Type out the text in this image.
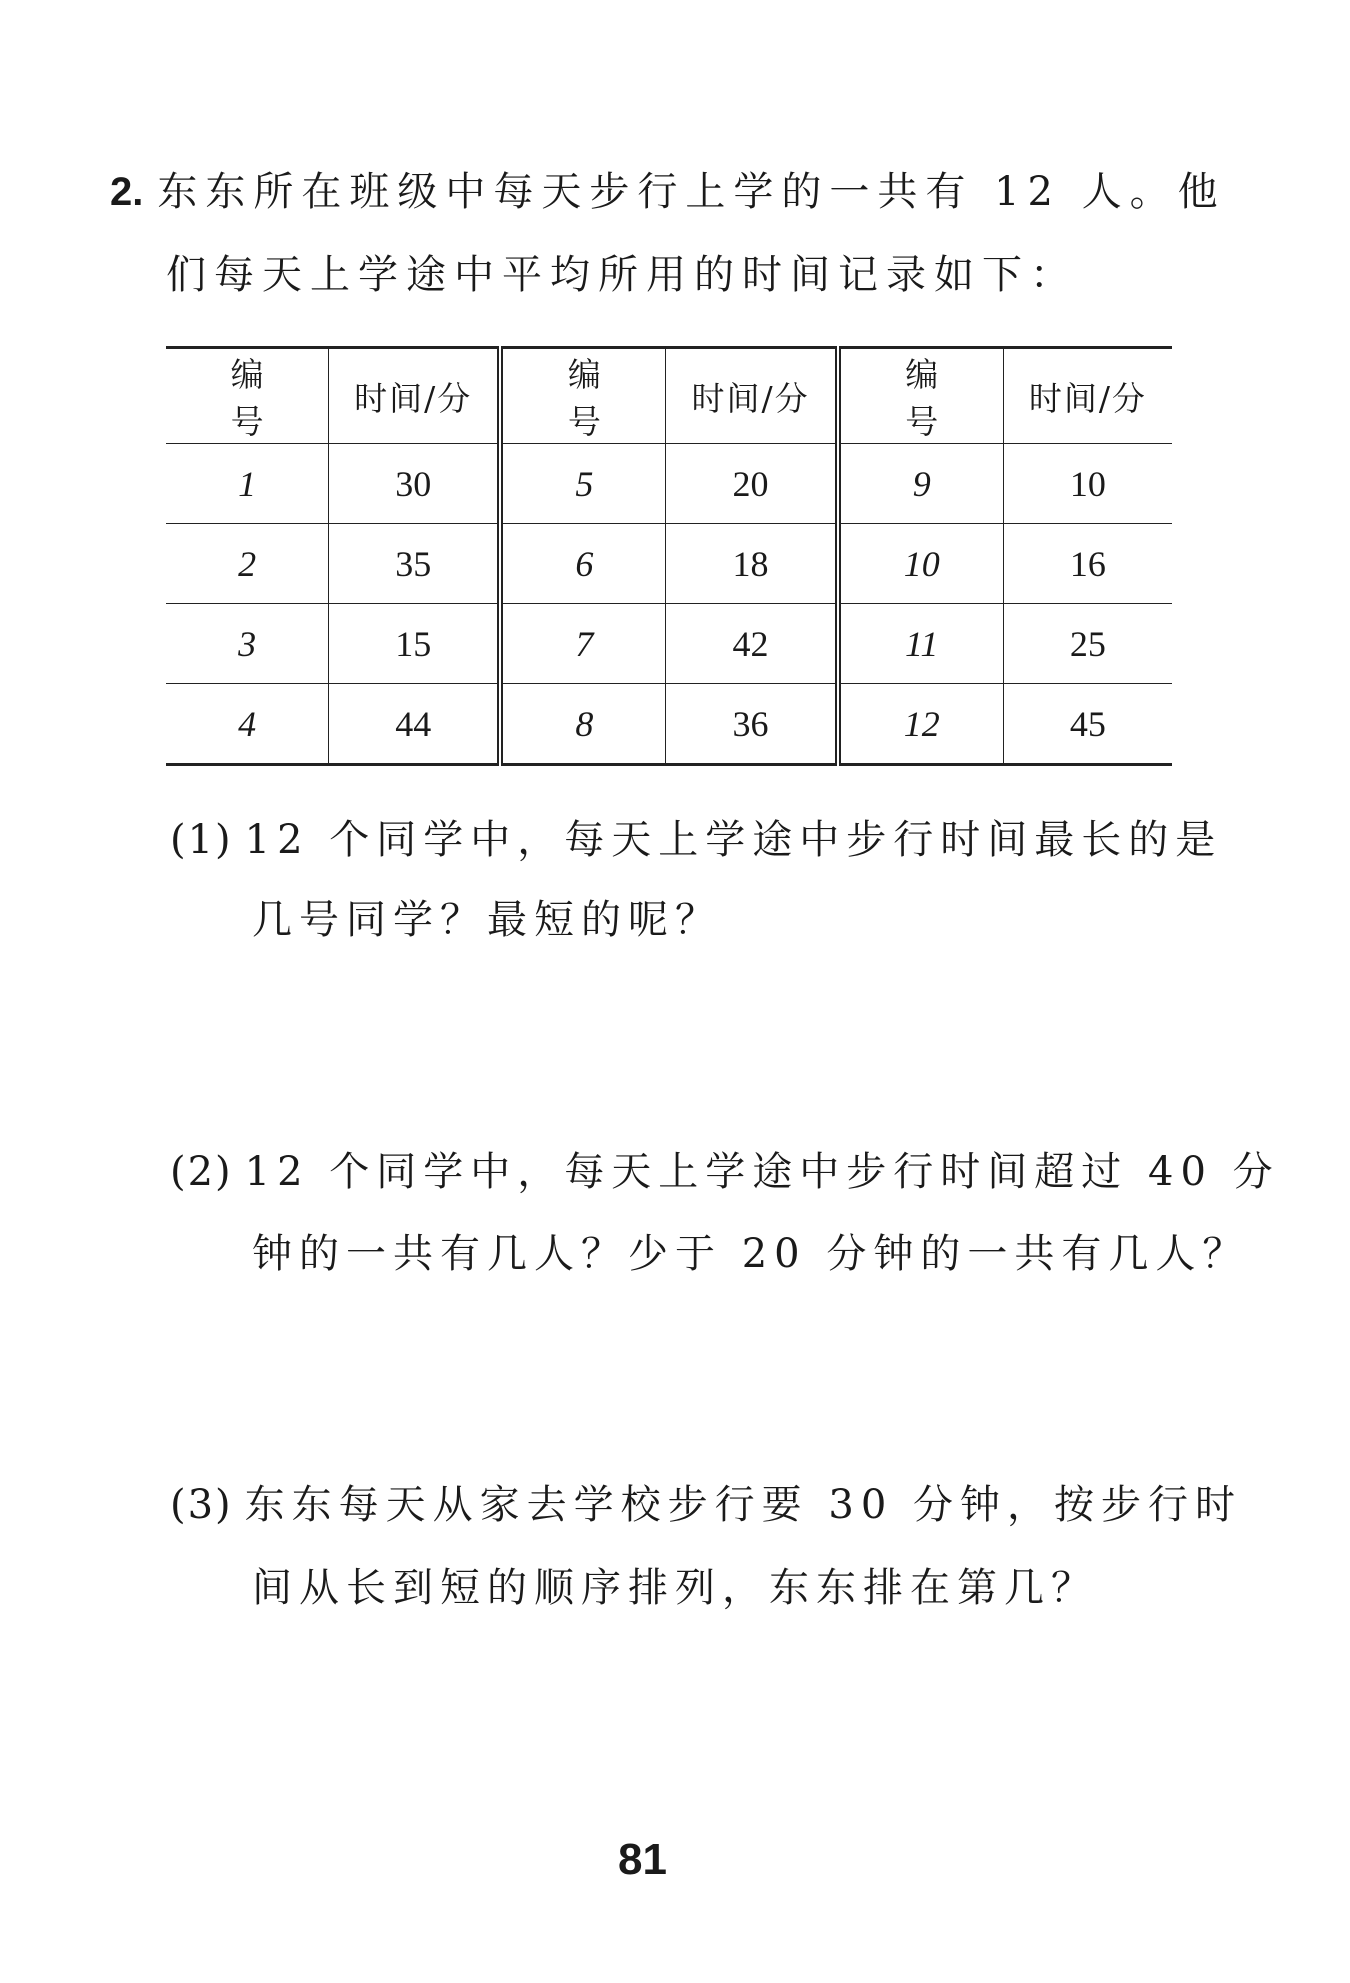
2. 东东所在班级中每天步行上学的一共有 12 人。他
们每天上学途中平均所用的时间记录如下：
编 号	时间/分	编 号	时间/分	编 号	时间/分
1	30	5	20	9	10
2	35	6	18	10	16
3	15	7	42	11	25
4	44	8	36	12	45
(1) 12 个同学中，每天上学途中步行时间最长的是
几号同学？最短的呢？
(2) 12 个同学中，每天上学途中步行时间超过 40 分
钟的一共有几人？少于 20 分钟的一共有几人？
(3) 东东每天从家去学校步行要 30 分钟，按步行时
间从长到短的顺序排列，东东排在第几？
81
